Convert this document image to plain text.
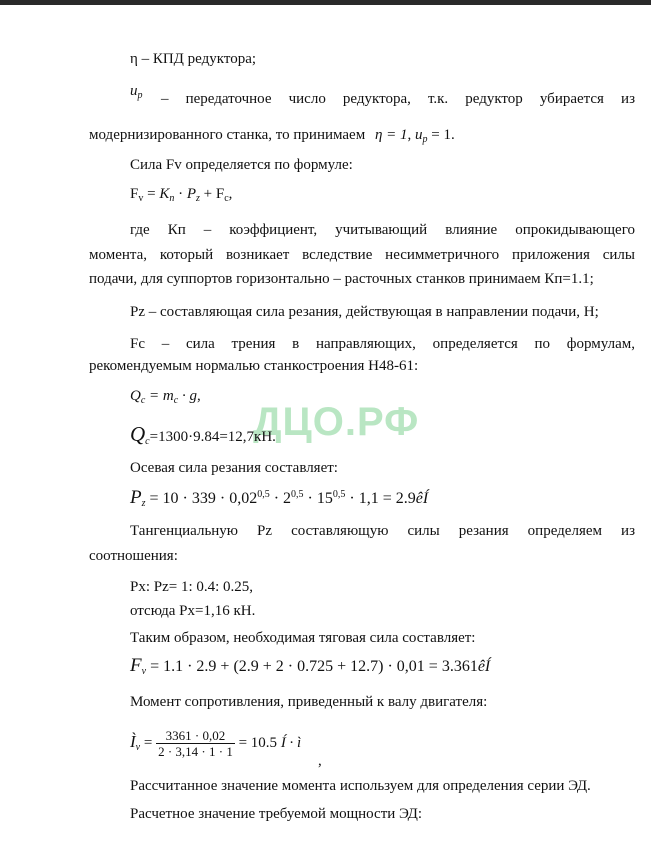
ДЦО.РФ
η – КПД редуктора;
$u_p$ – передаточное число редуктора, т.к. редуктор убирается из
модернизированного станка, то принимаем η = 1, $u_p = 1$.
Сила Fv определяется по формуле:
$F_v = K_п \cdot P_z + F_c$,
где Кп – коэффициент, учитывающий влияние опрокидывающего
момента, который возникает вследствие несимметричного приложения силы
подачи, для суппортов горизонтально – расточных станков принимаем Кп=1.1;
Pz – составляющая сила резания, действующая в направлении подачи, Н;
Fc – сила трения в направляющих, определяется по формулам,
рекомендуемым нормалью станкостроения Н48-61:
$Q_c = m_c \cdot g$,
$Q_c=1300\cdot 9.84=12,7кН$.
Осевая сила резания составляет:
$P_z = 10 \cdot 339 \cdot 0,02^{0,5} \cdot 2^{0,5} \cdot 15^{0,5} \cdot 1,1$ = 2.9êÍ
Тангенциальную Pz составляющую силы резания определяем из
соотношения:
Px: Pz= 1: 0.4: 0.25,
отсюда Px=1,16 кН.
Таким образом, необходимая тяговая сила составляет:
$F_v = 1.1 \cdot 2.9 + (2.9 + 2 \cdot 0.725 + 12.7) \cdot 0,01$ = 3.361êÍ
Момент сопротивления, приведенный к валу двигателя:
$Ì_v = \frac{3361 \cdot 0,02}{2 \cdot 3,14 \cdot 1 \cdot 1} = 10.5$ Í · ì
,
Рассчитанное значение момента используем для определения серии ЭД.
Расчетное значение требуемой мощности ЭД:
